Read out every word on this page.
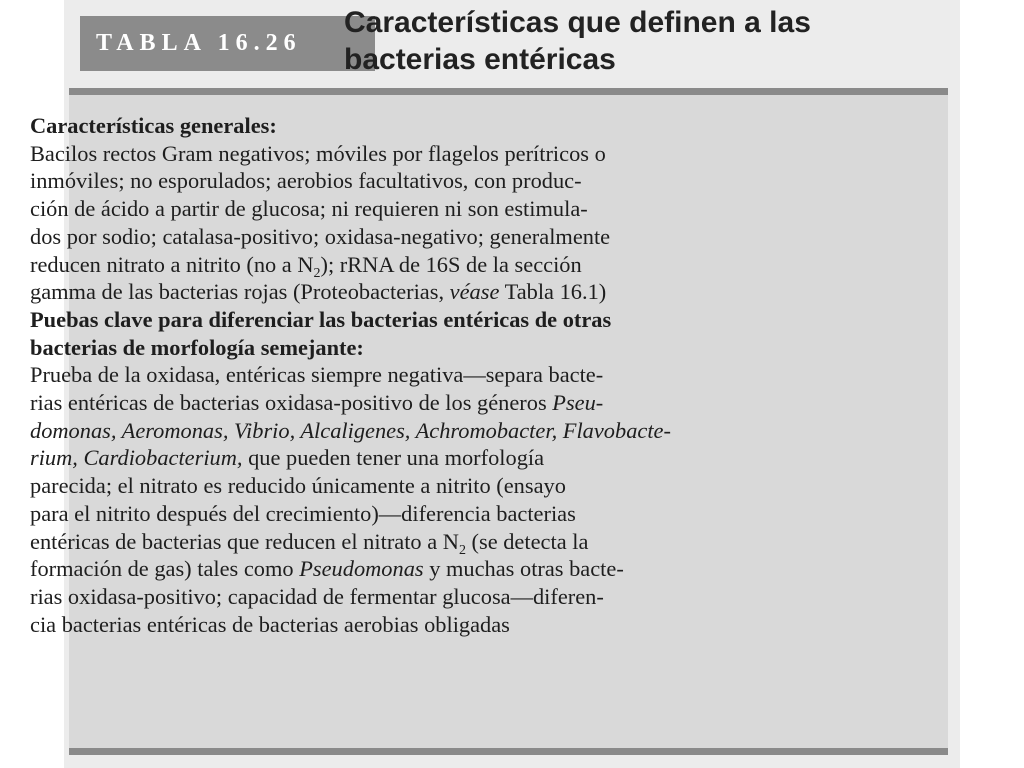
TABLA 16.26
Características que definen a las
bacterias entéricas
Características generales:
Bacilos rectos Gram negativos; móviles por flagelos perítricos o
inmóviles; no esporulados; aerobios facultativos, con produc-
ción de ácido a partir de glucosa; ni requieren ni son estimula-
dos por sodio; catalasa-positivo; oxidasa-negativo; generalmente
reducen nitrato a nitrito (no a $N_2$); rRNA de 16S de la sección
gamma de las bacterias rojas (Proteobacterias, véase Tabla 16.1)
Puebas clave para diferenciar las bacterias entéricas de otras
bacterias de morfología semejante:
Prueba de la oxidasa, entéricas siempre negativa—separa bacte-
rias entéricas de bacterias oxidasa-positivo de los géneros Pseu-
domonas, Aeromonas, Vibrio, Alcaligenes, Achromobacter, Flavobacte-
rium, Cardiobacterium, que pueden tener una morfología
parecida; el nitrato es reducido únicamente a nitrito (ensayo
para el nitrito después del crecimiento)—diferencia bacterias
entéricas de bacterias que reducen el nitrato a $N_2$ (se detecta la
formación de gas) tales como Pseudomonas y muchas otras bacte-
rias oxidasa-positivo; capacidad de fermentar glucosa—diferen-
cia bacterias entéricas de bacterias aerobias obligadas
